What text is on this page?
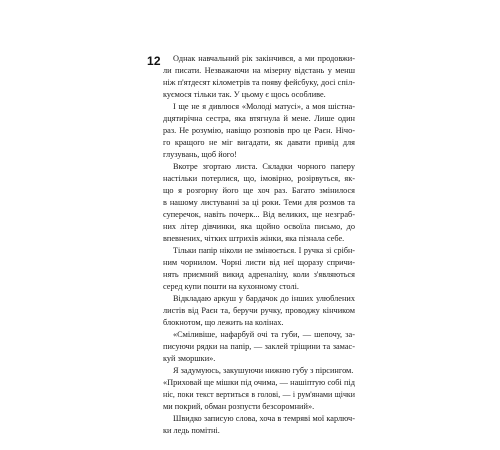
12	Однак навчальний рік закінчився, а ми продовжи-
ли писати. Незважаючи на мізерну відстань у менш
ніж п'ятдесят кілометрів та появу фейсбуку, досі спіл-
куємося тільки так. У цьому є щось особливе.
І ще не я дивлюся «Молоді матусі», а моя шістна-
дцятирічна сестра, яка втягнула й мене. Лише один
раз. Не розумію, навіщо розповів про це Раєн. Нічо-
го кращого не міг вигадати, як давати привід для
глузувань, щоб його!
Вкотре згортаю листа. Складки чорного паперу
настільки потерлися, що, імовірно, розірвуться, як-
що я розгорну його ще хоч раз. Багато змінилося
в нашому листуванні за ці роки. Теми для розмов та
суперечок, навіть почерк... Від великих, ще незграб-
них літер дівчинки, яка щойно освоїла письмо, до
впевнених, чітких штрихів жінки, яка пізнала себе.
Тільки папір ніколи не змінюється. І ручка зі срібн-
ним чорнилом. Чорні листи від неї щоразу спричи-
нять приємний викид адреналіну, коли з'являються
серед купи пошти на кухонному столі.
Відкладаю аркуш у бардачок до інших улюблених
листів від Раєн та, беручи ручку, проводжу кінчиком
блокнотом, що лежить на колінах.
«Сміливіше, нафарбуй очі та губи, — шепочу, за-
писуючи рядки на папір, — заклей тріщини та замас-
куй зморшки».
Я задумуюсь, закушуючи нижню губу з пірсингом.
«Приховай ще мішки під очима, — нашіптую собі під
ніс, поки текст вертиться в голові, — і рум'янами щічки
ми покрий, обман розпусти безсоромний».
Швидко записую слова, хоча в темряві мої карлюч-
ки ледь помітні.
